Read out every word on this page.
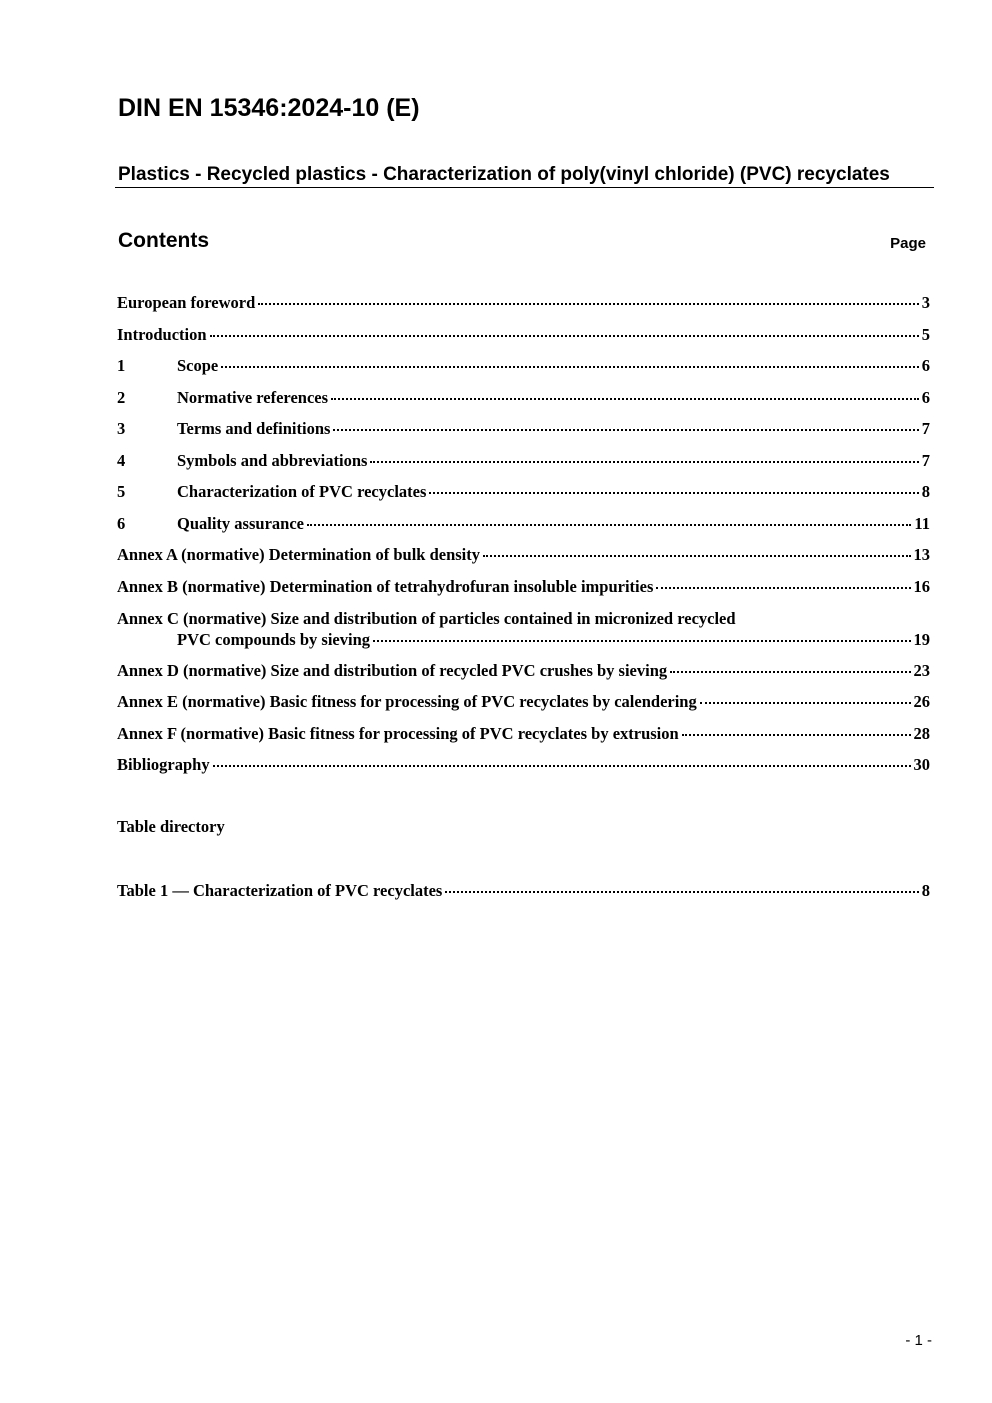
DIN EN 15346:2024-10 (E)
Plastics - Recycled plastics - Characterization of poly(vinyl chloride) (PVC) recyclates
Contents	Page
European foreword	3
Introduction	5
1	Scope	6
2	Normative references	6
3	Terms and definitions	7
4	Symbols and abbreviations	7
5	Characterization of PVC recyclates	8
6	Quality assurance	11
Annex A (normative) Determination of bulk density	13
Annex B (normative) Determination of tetrahydrofuran insoluble impurities	16
Annex C (normative) Size and distribution of particles contained in micronized recycled
PVC compounds by sieving	19
Annex D (normative) Size and distribution of recycled PVC crushes by sieving	23
Annex E (normative) Basic fitness for processing of PVC recyclates by calendering	26
Annex F (normative) Basic fitness for processing of PVC recyclates by extrusion	28
Bibliography	30
Table directory
Table 1 — Characterization of PVC recyclates	8
- 1 -
